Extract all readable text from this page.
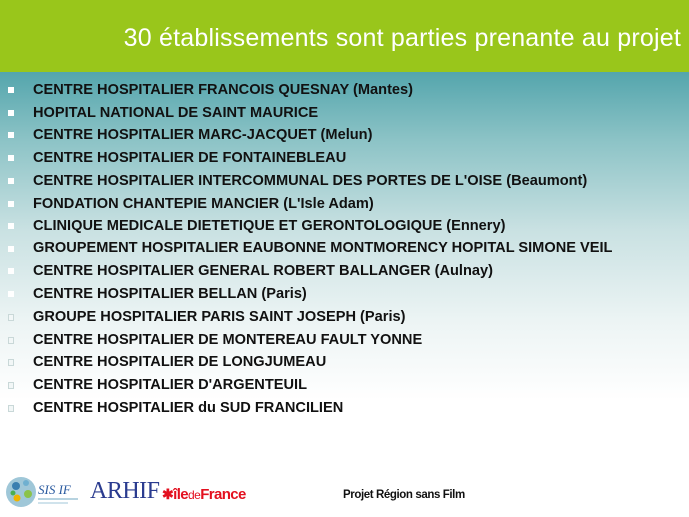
30 établissements sont parties prenante au projet
CENTRE HOSPITALIER FRANCOIS QUESNAY (Mantes)
HOPITAL NATIONAL DE SAINT MAURICE
CENTRE HOSPITALIER MARC-JACQUET (Melun)
CENTRE HOSPITALIER DE FONTAINEBLEAU
CENTRE HOSPITALIER INTERCOMMUNAL DES PORTES DE L'OISE (Beaumont)
FONDATION CHANTEPIE MANCIER (L'Isle Adam)
CLINIQUE MEDICALE DIETETIQUE ET GERONTOLOGIQUE (Ennery)
GROUPEMENT HOSPITALIER EAUBONNE MONTMORENCY HOPITAL SIMONE VEIL
CENTRE HOSPITALIER GENERAL ROBERT BALLANGER (Aulnay)
CENTRE HOSPITALIER BELLAN (Paris)
GROUPE HOSPITALIER PARIS SAINT JOSEPH (Paris)
CENTRE HOSPITALIER DE MONTEREAU FAULT YONNE
CENTRE HOSPITALIER DE LONGJUMEAU
CENTRE HOSPITALIER D'ARGENTEUIL
CENTRE HOSPITALIER du SUD FRANCILIEN
SIS IF ARHIF ✱îledeFrance	Projet Région sans Film
